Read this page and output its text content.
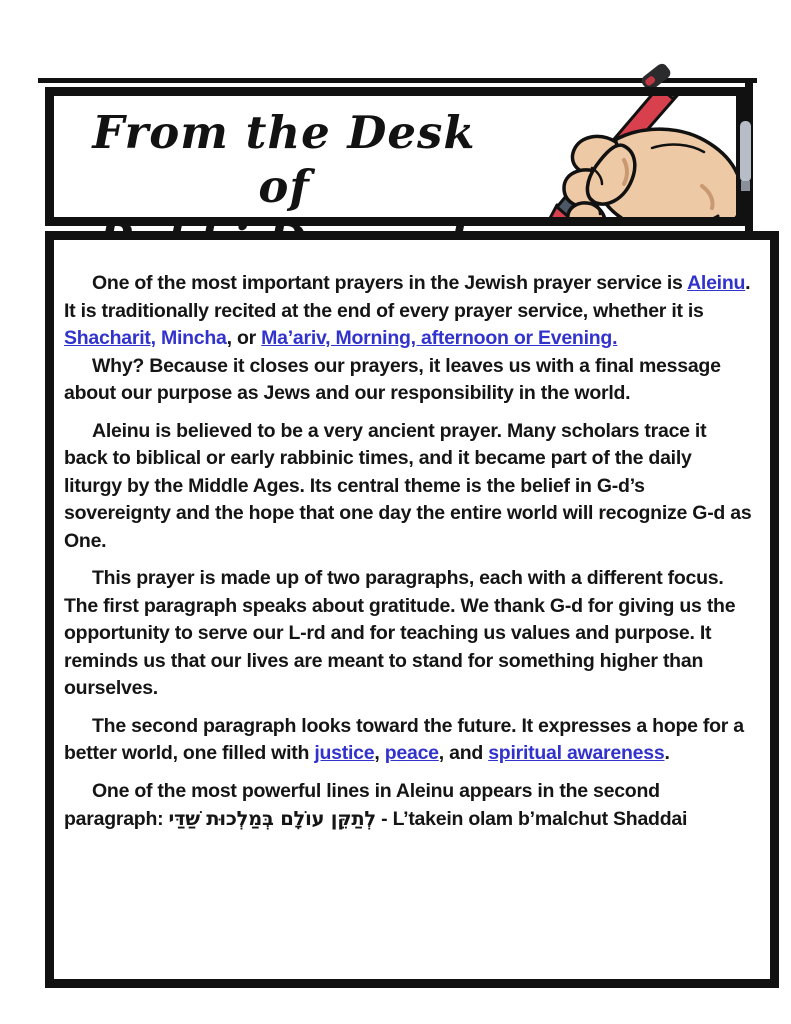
From the Desk of

One of the most important prayers in the Jewish prayer service is Aleinu. It is traditionally recited at the end of every prayer service, whether it is Shacharit, Mincha, or Ma’ariv, Morning, afternoon or Evening.

Why? Because it closes our prayers, it leaves us with a final message about our purpose as Jews and our responsibility in the world.

Aleinu is believed to be a very ancient prayer. Many scholars trace it back to biblical or early rabbinic times, and it became part of the daily liturgy by the Middle Ages. Its central theme is the belief in G-d’s sovereignty and the hope that one day the entire world will recognize G-d as One.

This prayer is made up of two paragraphs, each with a different focus. The first paragraph speaks about gratitude. We thank G-d for giving us the opportunity to serve our L-rd and for teaching us values and purpose. It reminds us that our lives are meant to stand for something higher than ourselves.

The second paragraph looks toward the future. It expresses a hope for a better world, one filled with justice, peace, and spiritual awareness.

One of the most powerful lines in Aleinu appears in the second paragraph: לְתַקֵּן עוֹלָם בְּמַלְכוּת שַׁדַּי - L’takein olam b’malchut Shaddai
